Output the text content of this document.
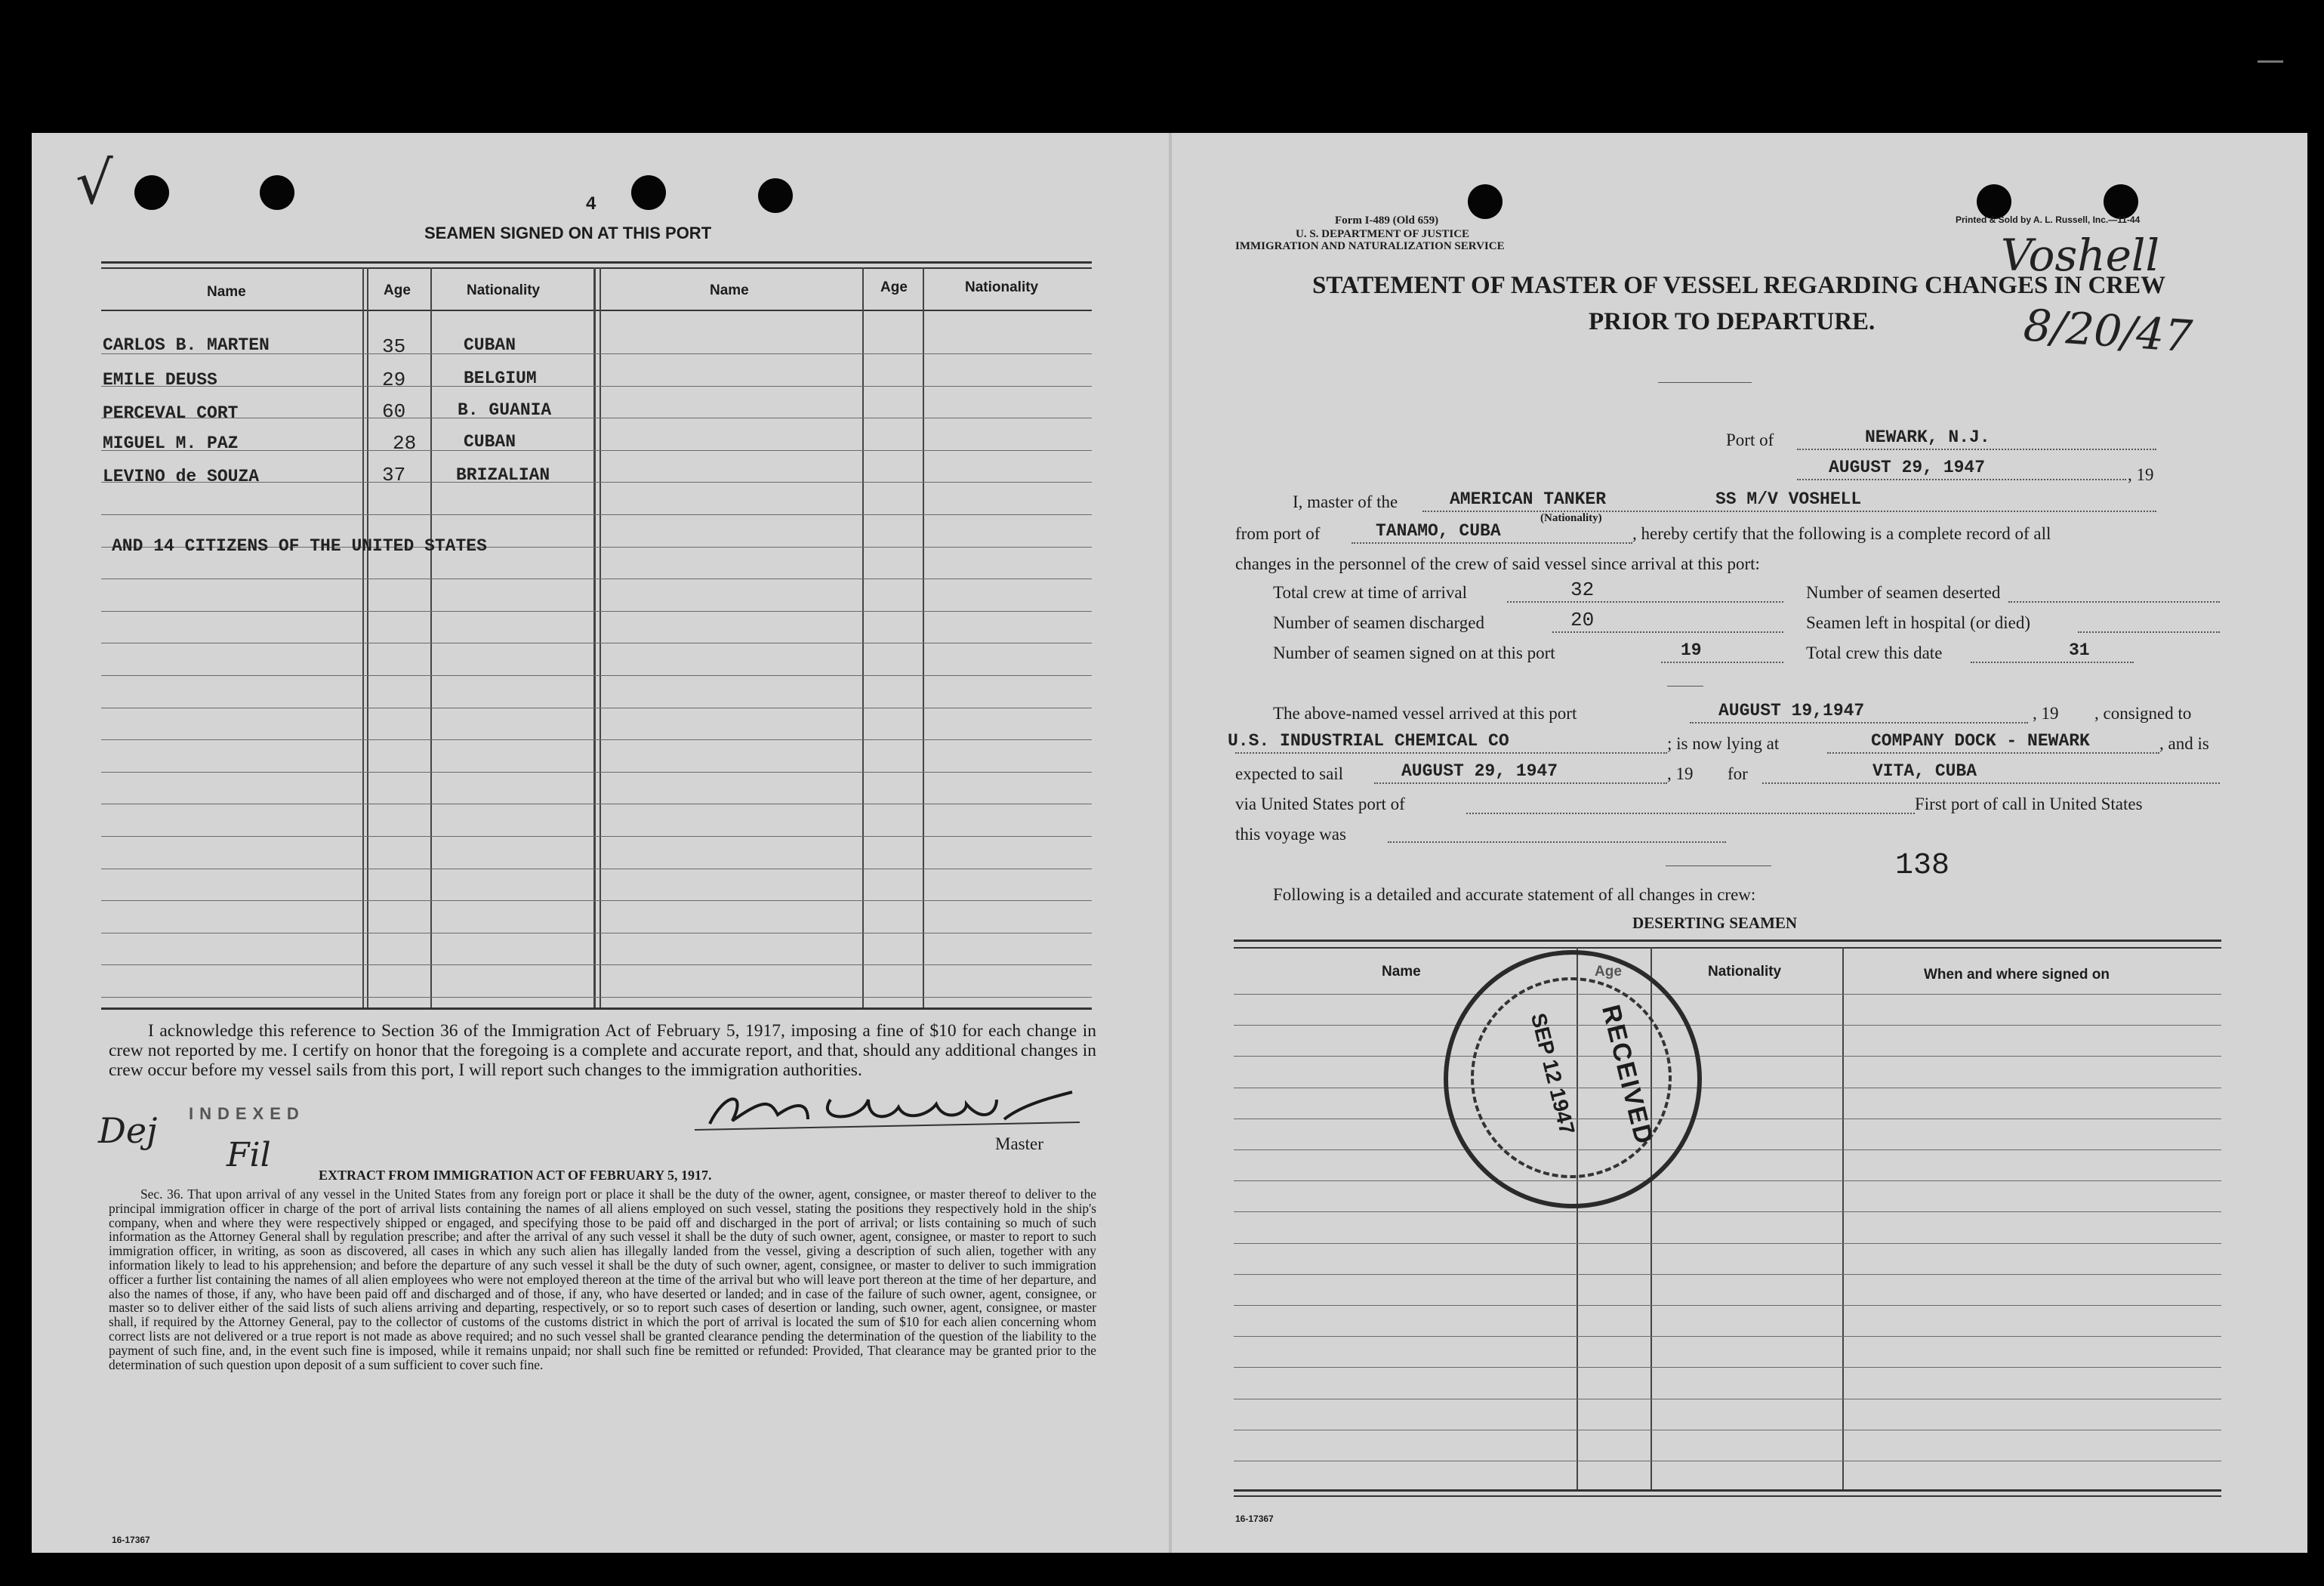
√	4
SEAMEN SIGNED ON AT THIS PORT
Name	Age	Nationality	Name	Age	Nationality
CARLOS B. MARTEN	35	CUBAN
EMILE DEUSS	29	BELGIUM
PERCEVAL CORT	60	B. GUANIA
MIGUEL M. PAZ	28	CUBAN
LEVINO de SOUZA	37	BRIZALIAN
AND 14 CITIZENS OF THE UNITED STATES
I acknowledge this reference to Section 36 of the Immigration Act of February 5, 1917, imposing a fine of $10 for each change in crew not reported by me. I certify on honor that the foregoing is a complete and accurate report, and that, should any additional changes in crew occur before my vessel sails from this port, I will report such changes to the immigration authorities.
Master
INDEXED
Dej
Fil
EXTRACT FROM IMMIGRATION ACT OF FEBRUARY 5, 1917.
Sec. 36. That upon arrival of any vessel in the United States from any foreign port or place it shall be the duty of the owner, agent, consignee, or master thereof to deliver to the principal immigration officer in charge of the port of arrival lists containing the names of all aliens employed on such vessel, stating the positions they respectively hold in the ship's company, when and where they were respectively shipped or engaged, and specifying those to be paid off and discharged in the port of arrival; or lists containing so much of such information as the Attorney General shall by regulation prescribe; and after the arrival of any such vessel it shall be the duty of such owner, agent, consignee, or master to report to such immigration officer, in writing, as soon as discovered, all cases in which any such alien has illegally landed from the vessel, giving a description of such alien, together with any information likely to lead to his apprehension; and before the departure of any such vessel it shall be the duty of such owner, agent, consignee, or master to deliver to such immigration officer a further list containing the names of all alien employees who were not employed thereon at the time of the arrival but who will leave port thereon at the time of her departure, and also the names of those, if any, who have been paid off and discharged and of those, if any, who have deserted or landed; and in case of the failure of such owner, agent, consignee, or master so to deliver either of the said lists of such aliens arriving and departing, respectively, or so to report such cases of desertion or landing, such owner, agent, consignee, or master shall, if required by the Attorney General, pay to the collector of customs of the customs district in which the port of arrival is located the sum of $10 for each alien concerning whom correct lists are not delivered or a true report is not made as above required; and no such vessel shall be granted clearance pending the determination of the question of the liability to the payment of such fine, and, in the event such fine is imposed, while it remains unpaid; nor shall such fine be remitted or refunded: Provided, That clearance may be granted prior to the determination of such question upon deposit of a sum sufficient to cover such fine.
16-17367
Form I-489 (Old 659)
U. S. DEPARTMENT OF JUSTICE
IMMIGRATION AND NATURALIZATION SERVICE
Printed & Sold by A. L. Russell, Inc.—11-44
Voshell
8/20/47
STATEMENT OF MASTER OF VESSEL REGARDING CHANGES IN CREW
PRIOR TO DEPARTURE.
Port of	NEWARK, N.J.
AUGUST 29, 1947	, 19
I, master of the	AMERICAN TANKER	SS M/V VOSHELL
(Nationality)
from port of	TANAMO, CUBA	, hereby certify that the following is a complete record of all
changes in the personnel of the crew of said vessel since arrival at this port:
Total crew at time of arrival	32
Number of seamen discharged	20
Number of seamen signed on at this port	19
Number of seamen deserted
Seamen left in hospital (or died)
Total crew this date	31
The above-named vessel arrived at this port	AUGUST 19,1947	, 19 , consigned to
U.S. INDUSTRIAL CHEMICAL CO	; is now lying at	COMPANY DOCK - NEWARK	, and is
expected to sail	AUGUST 29, 1947	, 19 for	VITA, CUBA
via United States port of	First port of call in United States
this voyage was
138
Following is a detailed and accurate statement of all changes in crew:
DESERTING SEAMEN
Name	Age	Nationality	When and where signed on
RECEIVED
SEP 12 1947
16-17367
